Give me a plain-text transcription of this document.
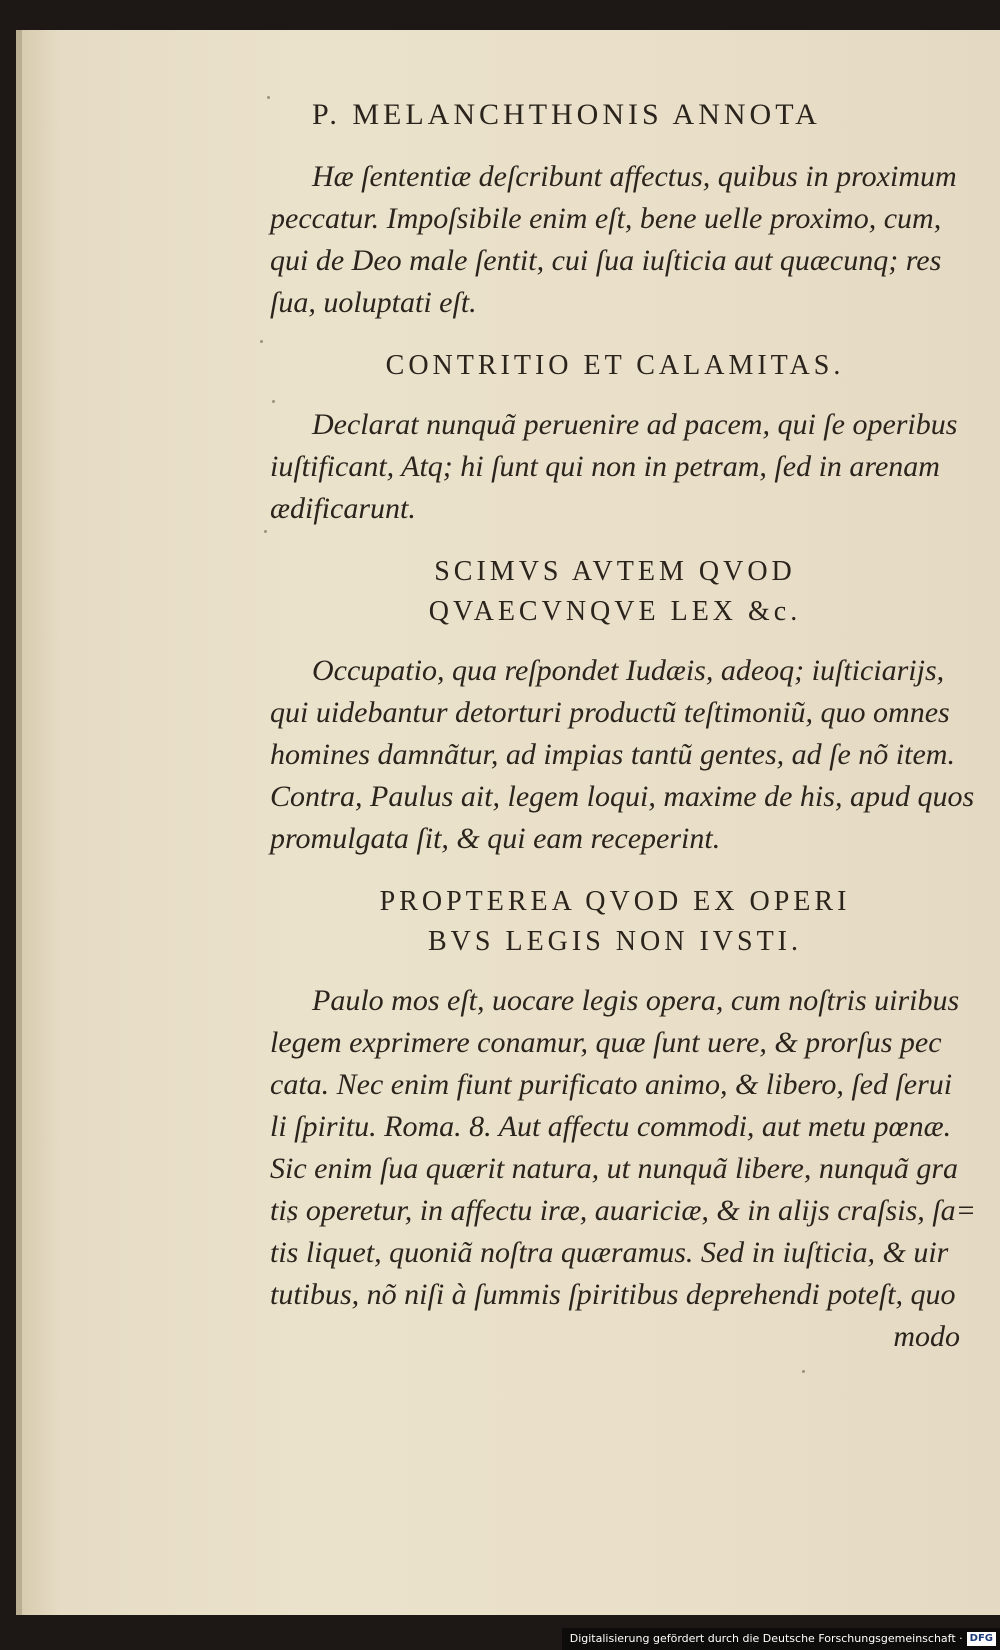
P. MELANCHTHONIS ANNOTA

Hæ ſententiæ deſcribunt affectus, quibus in proximum
peccatur. Impoſsibile enim eſt, bene uelle proximo, cum,
qui de Deo male ſentit, cui ſua iuſticia aut quæcunq; res
ſua, uoluptati eſt.

CONTRITIO ET CALAMITAS.

Declarat nunquã peruenire ad pacem, qui ſe operibus
iuſtificant, Atq; hi ſunt qui non in petram, ſed in arenam
ædificarunt.

SCIMVS AVTEM QVOD
QVAECVNQVE LEX &c.

Occupatio, qua reſpondet Iudæis, adeoq; iuſticiarijs,
qui uidebantur detorturi productũ teſtimoniũ, quo omnes
homines damnãtur, ad impias tantũ gentes, ad ſe nõ item.
Contra, Paulus ait, legem loqui, maxime de his, apud quos
promulgata ſit, & qui eam receperint.

PROPTEREA QVOD EX OPERI
BVS LEGIS NON IVSTI.

Paulo mos eſt, uocare legis opera, cum noſtris uiribus
legem exprimere conamur, quæ ſunt uere, & prorſus pec
cata. Nec enim fiunt purificato animo, & libero, ſed ſerui
li ſpiritu. Roma. 8. Aut affectu commodi, aut metu pœnæ.
Sic enim ſua quærit natura, ut nunquã libere, nunquã gra
tis operetur, in affectu iræ, auariciæ, & in alijs craſsis, ſa=
tis liquet, quoniã noſtra quæramus. Sed in iuſticia, & uir
tutibus, nõ niſi à ſummis ſpiritibus deprehendi poteſt, quo
modo

Digitalisierung gefördert durch die Deutsche Forschungsgemeinschaft · DFG
